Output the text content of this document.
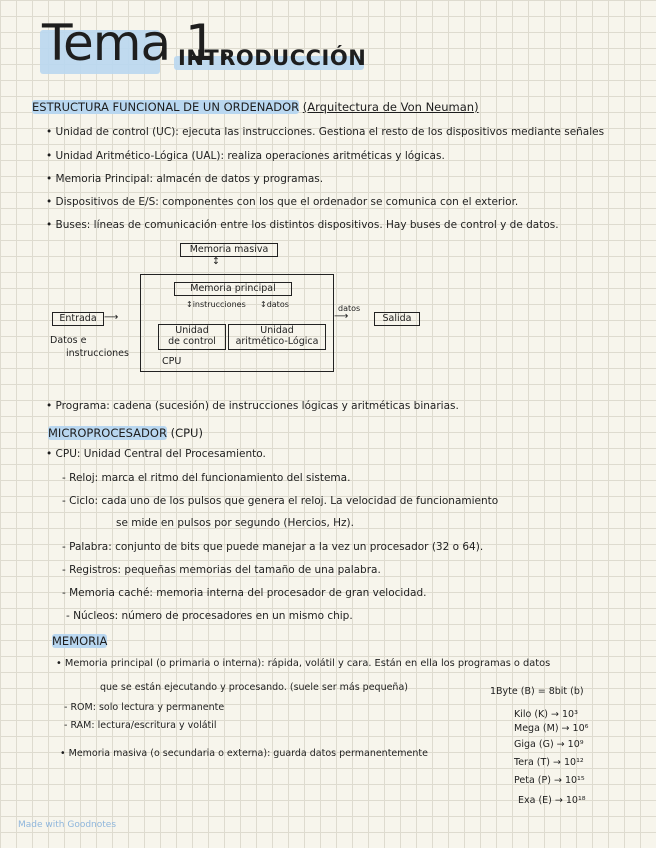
Tema 1.
INTRODUCCIÓN
ESTRUCTURA FUNCIONAL DE UN ORDENADOR (Arquitectura de Von Neuman)
• Unidad de control (UC): ejecuta las instrucciones. Gestiona el resto de los dispositivos mediante señales
• Unidad Aritmético-Lógica (UAL): realiza operaciones aritméticas y lógicas.
• Memoria Principal: almacén de datos y programas.
• Dispositivos de E/S: componentes con los que el ordenador se comunica con el exterior.
• Buses: líneas de comunicación entre los distintos dispositivos. Hay buses de control y de datos.
Memoria masiva
↕
Memoria principal
↕instrucciones ↕datos
Unidad
de control
Unidad
aritmético-Lógica
CPU
Entrada ⟶
Datos e
instrucciones
datos
⟶	Salida
• Programa: cadena (sucesión) de instrucciones lógicas y aritméticas binarias.
MICROPROCESADOR (CPU)
• CPU: Unidad Central del Procesamiento.
- Reloj: marca el ritmo del funcionamiento del sistema.
- Ciclo: cada uno de los pulsos que genera el reloj. La velocidad de funcionamiento
se mide en pulsos por segundo (Hercios, Hz).
- Palabra: conjunto de bits que puede manejar a la vez un procesador (32 o 64).
- Registros: pequeñas memorias del tamaño de una palabra.
- Memoria caché: memoria interna del procesador de gran velocidad.
- Núcleos: número de procesadores en un mismo chip.
MEMORIA
• Memoria principal (o primaria o interna): rápida, volátil y cara. Están en ella los programas o datos
que se están ejecutando y procesando. (suele ser más pequeña)
- ROM: solo lectura y permanente
- RAM: lectura/escritura y volátil
• Memoria masiva (o secundaria o externa): guarda datos permanentemente
1Byte (B) = 8bit (b)
Kilo (K) → 10³
Mega (M) → 10⁶
Giga (G) → 10⁹
Tera (T) → 10¹²
Peta (P) → 10¹⁵
Exa (E) → 10¹⁸
Made with Goodnotes
